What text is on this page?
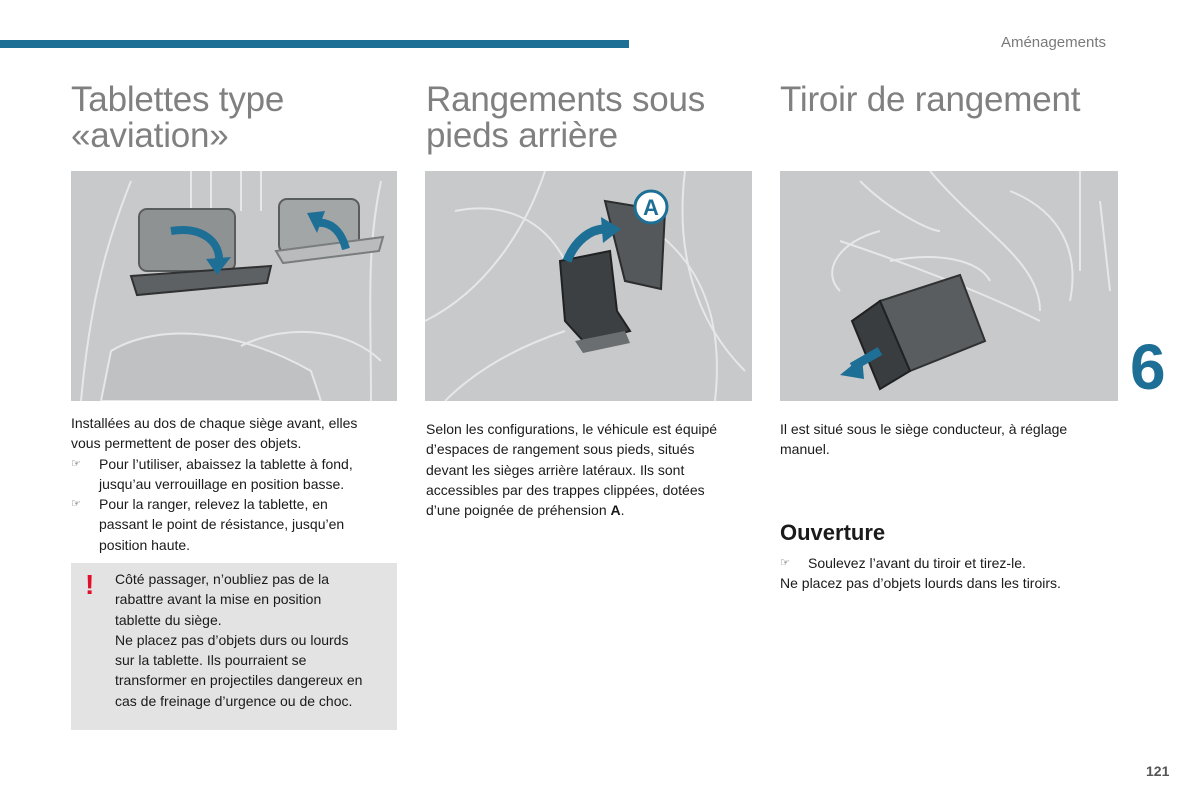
Aménagements
Tablettes type
«aviation»

Installées au dos de chaque siège avant, elles

vous permettent de poser des objets.

☞ Pour l’utiliser, abaissez la tablette à fond,

jusqu’au verrouillage en position basse.

☞ Pour la ranger, relevez la tablette, en

passant le point de résistance, jusqu’en

position haute.

! Côté passager, n’oubliez pas de la

rabattre avant la mise en position

tablette du siège.

Ne placez pas d’objets durs ou lourds

sur la tablette. Ils pourraient se

transformer en projectiles dangereux en

cas de freinage d’urgence ou de choc.

Rangements sous
pieds arrière
A

Selon les configurations, le véhicule est équipé

d’espaces de rangement sous pieds, situés

devant les sièges arrière latéraux. Ils sont

accessibles par des trappes clippées, dotées

d’une poignée de préhension A.

Tiroir de rangement

Il est situé sous le siège conducteur, à réglage

manuel.

Ouverture
☞ Soulevez l’avant du tiroir et tirez-le.

Ne placez pas d’objets lourds dans les tiroirs.

6
121
